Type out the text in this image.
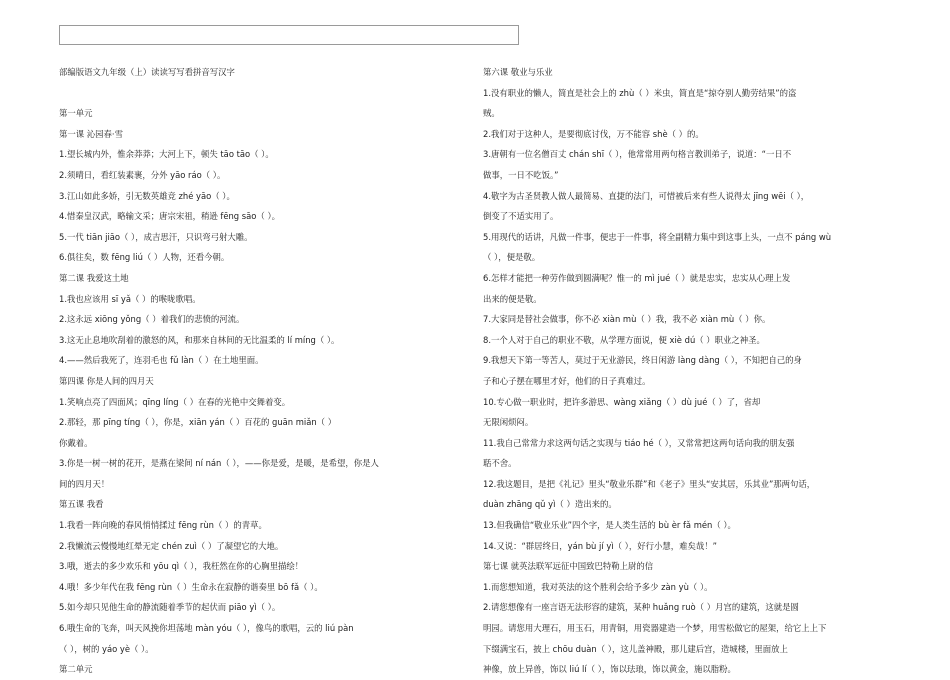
部编版语文九年级（上）读读写写看拼音写汉字
第一单元
第一课 沁园春·雪
1.望长城内外，惟余莽莽；大河上下，顿失 tāo tāo（ ）。
2.须晴日，看红装素裹，分外 yāo ráo（ ）。
3.江山如此多娇，引无数英雄竞 zhé yāo（ ）。
4.惜秦皇汉武，略输文采；唐宗宋祖，稍逊 fēng sāo（ ）。
5.一代 tiān jiāo（ ），成吉思汗，只识弯弓射大雕。
6.俱往矣，数 fēng liú（ ）人物，还看今朝。
第二课 我爱这土地
1.我也应该用 sī yǎ（ ）的喉咙歌唱。
2.这永远 xiōng yǒng（ ）着我们的悲愤的河流。
3.这无止息地吹刮着的激怒的风，和那来自林间的无比温柔的 lí míng（ ）。
4.——然后我死了，连羽毛也 fǔ làn（ ）在土地里面。
第四课 你是人间的四月天
1.笑响点亮了四面风；qīng líng（ ）在春的光艳中交舞着变。
2.那轻，那 pīng tíng（ ），你是，xiān yán（ ）百花的 guān miǎn（ ）
你戴着。
3.你是一树一树的花开，是燕在梁间 ní nán（ ），——你是爱，是暖，是希望，你是人
间的四月天！
第五课 我看
1.我看一阵向晚的春风悄悄揉过 fēng rùn（ ）的青草。
2.我懒流云慢慢地红晕无定 chén zuì（ ）了凝望它的大地。
3.哦，逝去的多少欢乐和 yōu qì（ ），我枉然在你的心胸里描绘！
4.哦！多少年代在我 fēng rùn（ ）生命永在寂静的谐奏里 bō fǎ（ ）。
5.如今却只见他生命的静流随着季节的起伏而 piāo yì（ ）。
6.哦生命的飞奔，叫天风挽你坦荡地 màn yóu（ ），像鸟的歌唱，云的 liú pàn
（ ），树的 yáo yè（ ）。
第二单元
第六课 敬业与乐业
1.没有职业的懒人，简直是社会上的 zhù（ ）米虫，简直是“掠夺别人勤劳结果”的盗
贼。
2.我们对于这种人，是要彻底讨伐，万不能容 shè（ ）的。
3.唐朝有一位名僧百丈 chán shī（ ），他常常用两句格言教训弟子，说道：“一日不
做事，一日不吃饭。”
4.敬字为古圣贤教人做人最简易、直捷的法门，可惜被后来有些人说得太 jīng wēi（ ），
倒变了不适实用了。
5.用现代的话讲，凡做一件事，便忠于一件事，将全副精力集中到这事上头，一点不 páng wù
（ ），便是敬。
6.怎样才能把一种劳作做到圆满呢？惟一的 mì jué（ ）就是忠实，忠实从心理上发
出来的便是敬。
7.大家同是替社会做事，你不必 xiàn mù（ ）我，我不必 xiàn mù（ ）你。
8.一个人对于自己的职业不敬，从学理方面说，便 xiè dú（ ）职业之神圣。
9.我想天下第一等苦人，莫过于无业游民，终日闲游 làng dàng（ ），不知把自己的身
子和心子摆在哪里才好，他们的日子真难过。
10.专心做一职业时，把许多游思、wàng xiǎng（ ）dù jué（ ）了，省却
无限闲烦闷。
11.我自己常常力求这两句话之实现与 tiáo hé（ ），又常常把这两句话向我的朋友强
聒不舍。
12.我这题目，是把《礼记》里头“敬业乐群”和《老子》里头“安其居，乐其业”那两句话，
duàn zhāng qǔ yì（ ）造出来的。
13.但我确信“敬业乐业”四个字，是人类生活的 bù èr fǎ mén（ ）。
14.又说：“群居终日，yán bù jí yì（ ），好行小慧，难矣哉！”
第七课 就英法联军远征中国致巴特勒上尉的信
1.而您想知道，我对英法的这个胜利会给予多少 zàn yù（ ）。
2.请您想像有一座言语无法形容的建筑，某种 huǎng ruò（ ）月宫的建筑，这就是圆
明园。请您用大理石，用玉石，用青铜，用瓷器建造一个梦，用雪松做它的屋架，给它上上下
下缀满宝石，披上 chōu duàn（ ），这儿盖神殿，那儿建后宫，造城楼，里面放上
神像，放上异兽，饰以 liú lí（ ），饰以珐琅，饰以黄金，施以脂粉。
